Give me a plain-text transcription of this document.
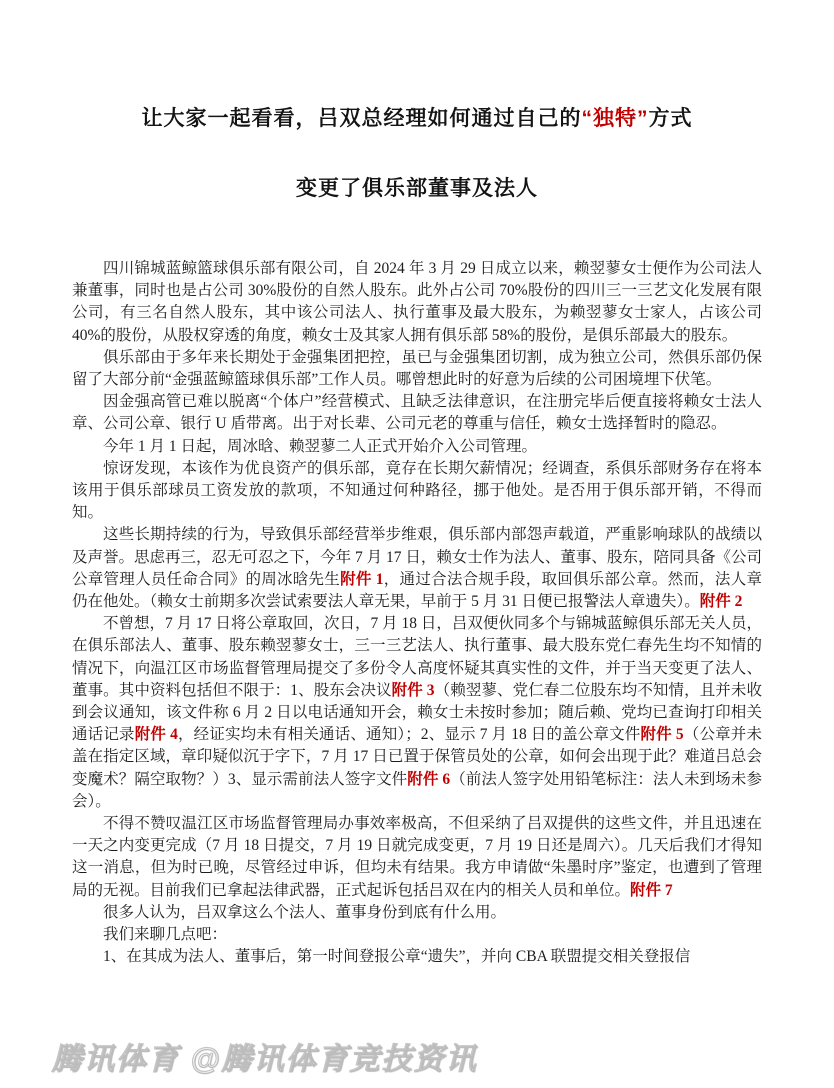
让大家一起看看，吕双总经理如何通过自己的“独特”方式
变更了俱乐部董事及法人

四川锦城蓝鲸篮球俱乐部有限公司，自 2024 年 3 月 29 日成立以来，赖翌蓼女士便作为公司法人兼董事，同时也是占公司 30%股份的自然人股东。此外占公司 70%股份的四川三一三艺文化发展有限公司，有三名自然人股东，其中该公司法人、执行董事及最大股东，为赖翌蓼女士家人，占该公司 40%的股份，从股权穿透的角度，赖女士及其家人拥有俱乐部 58%的股份，是俱乐部最大的股东。

俱乐部由于多年来长期处于金强集团把控，虽已与金强集团切割，成为独立公司，然俱乐部仍保留了大部分前“金强蓝鲸篮球俱乐部”工作人员。哪曾想此时的好意为后续的公司困境埋下伏笔。

因金强高管已难以脱离“个体户”经营模式、且缺乏法律意识，在注册完毕后便直接将赖女士法人章、公司公章、银行 U 盾带离。出于对长辈、公司元老的尊重与信任，赖女士选择暂时的隐忍。

今年 1 月 1 日起，周冰晗、赖翌蓼二人正式开始介入公司管理。

惊讶发现，本该作为优良资产的俱乐部，竟存在长期欠薪情况；经调查，系俱乐部财务存在将本该用于俱乐部球员工资发放的款项，不知通过何种路径，挪于他处。是否用于俱乐部开销，不得而知。

这些长期持续的行为，导致俱乐部经营举步维艰，俱乐部内部怨声载道，严重影响球队的战绩以及声誉。思虑再三，忍无可忍之下，今年 7 月 17 日，赖女士作为法人、董事、股东，陪同具备《公司公章管理人员任命合同》的周冰晗先生附件 1，通过合法合规手段，取回俱乐部公章。然而，法人章仍在他处。（赖女士前期多次尝试索要法人章无果，早前于 5 月 31 日便已报警法人章遗失）。附件 2

不曾想，7 月 17 日将公章取回，次日，7 月 18 日，吕双便伙同多个与锦城蓝鲸俱乐部无关人员，在俱乐部法人、董事、股东赖翌蓼女士，三一三艺法人、执行董事、最大股东党仁春先生均不知情的情况下，向温江区市场监督管理局提交了多份令人高度怀疑其真实性的文件，并于当天变更了法人、董事。其中资料包括但不限于：1、股东会决议附件 3（赖翌蓼、党仁春二位股东均不知情，且并未收到会议通知，该文件称 6 月 2 日以电话通知开会，赖女士未按时参加；随后赖、党均已查询打印相关通话记录附件 4，经证实均未有相关通话、通知）；2、显示 7 月 18 日的盖公章文件附件 5（公章并未盖在指定区域，章印疑似沉于字下，7 月 17 日已置于保管员处的公章，如何会出现于此？难道吕总会变魔术？隔空取物？）3、显示需前法人签字文件附件 6（前法人签字处用铅笔标注：法人未到场未参会）。

不得不赞叹温江区市场监督管理局办事效率极高，不但采纳了吕双提供的这些文件，并且迅速在一天之内变更完成（7 月 18 日提交，7 月 19 日就完成变更，7 月 19 日还是周六）。几天后我们才得知这一消息，但为时已晚，尽管经过申诉，但均未有结果。我方申请做“朱墨时序”鉴定，也遭到了管理局的无视。目前我们已拿起法律武器，正式起诉包括吕双在内的相关人员和单位。附件 7

很多人认为，吕双拿这么个法人、董事身份到底有什么用。

我们来聊几点吧：

1、在其成为法人、董事后，第一时间登报公章“遗失”，并向 CBA 联盟提交相关登报信

腾讯体育 @腾讯体育竞技资讯
